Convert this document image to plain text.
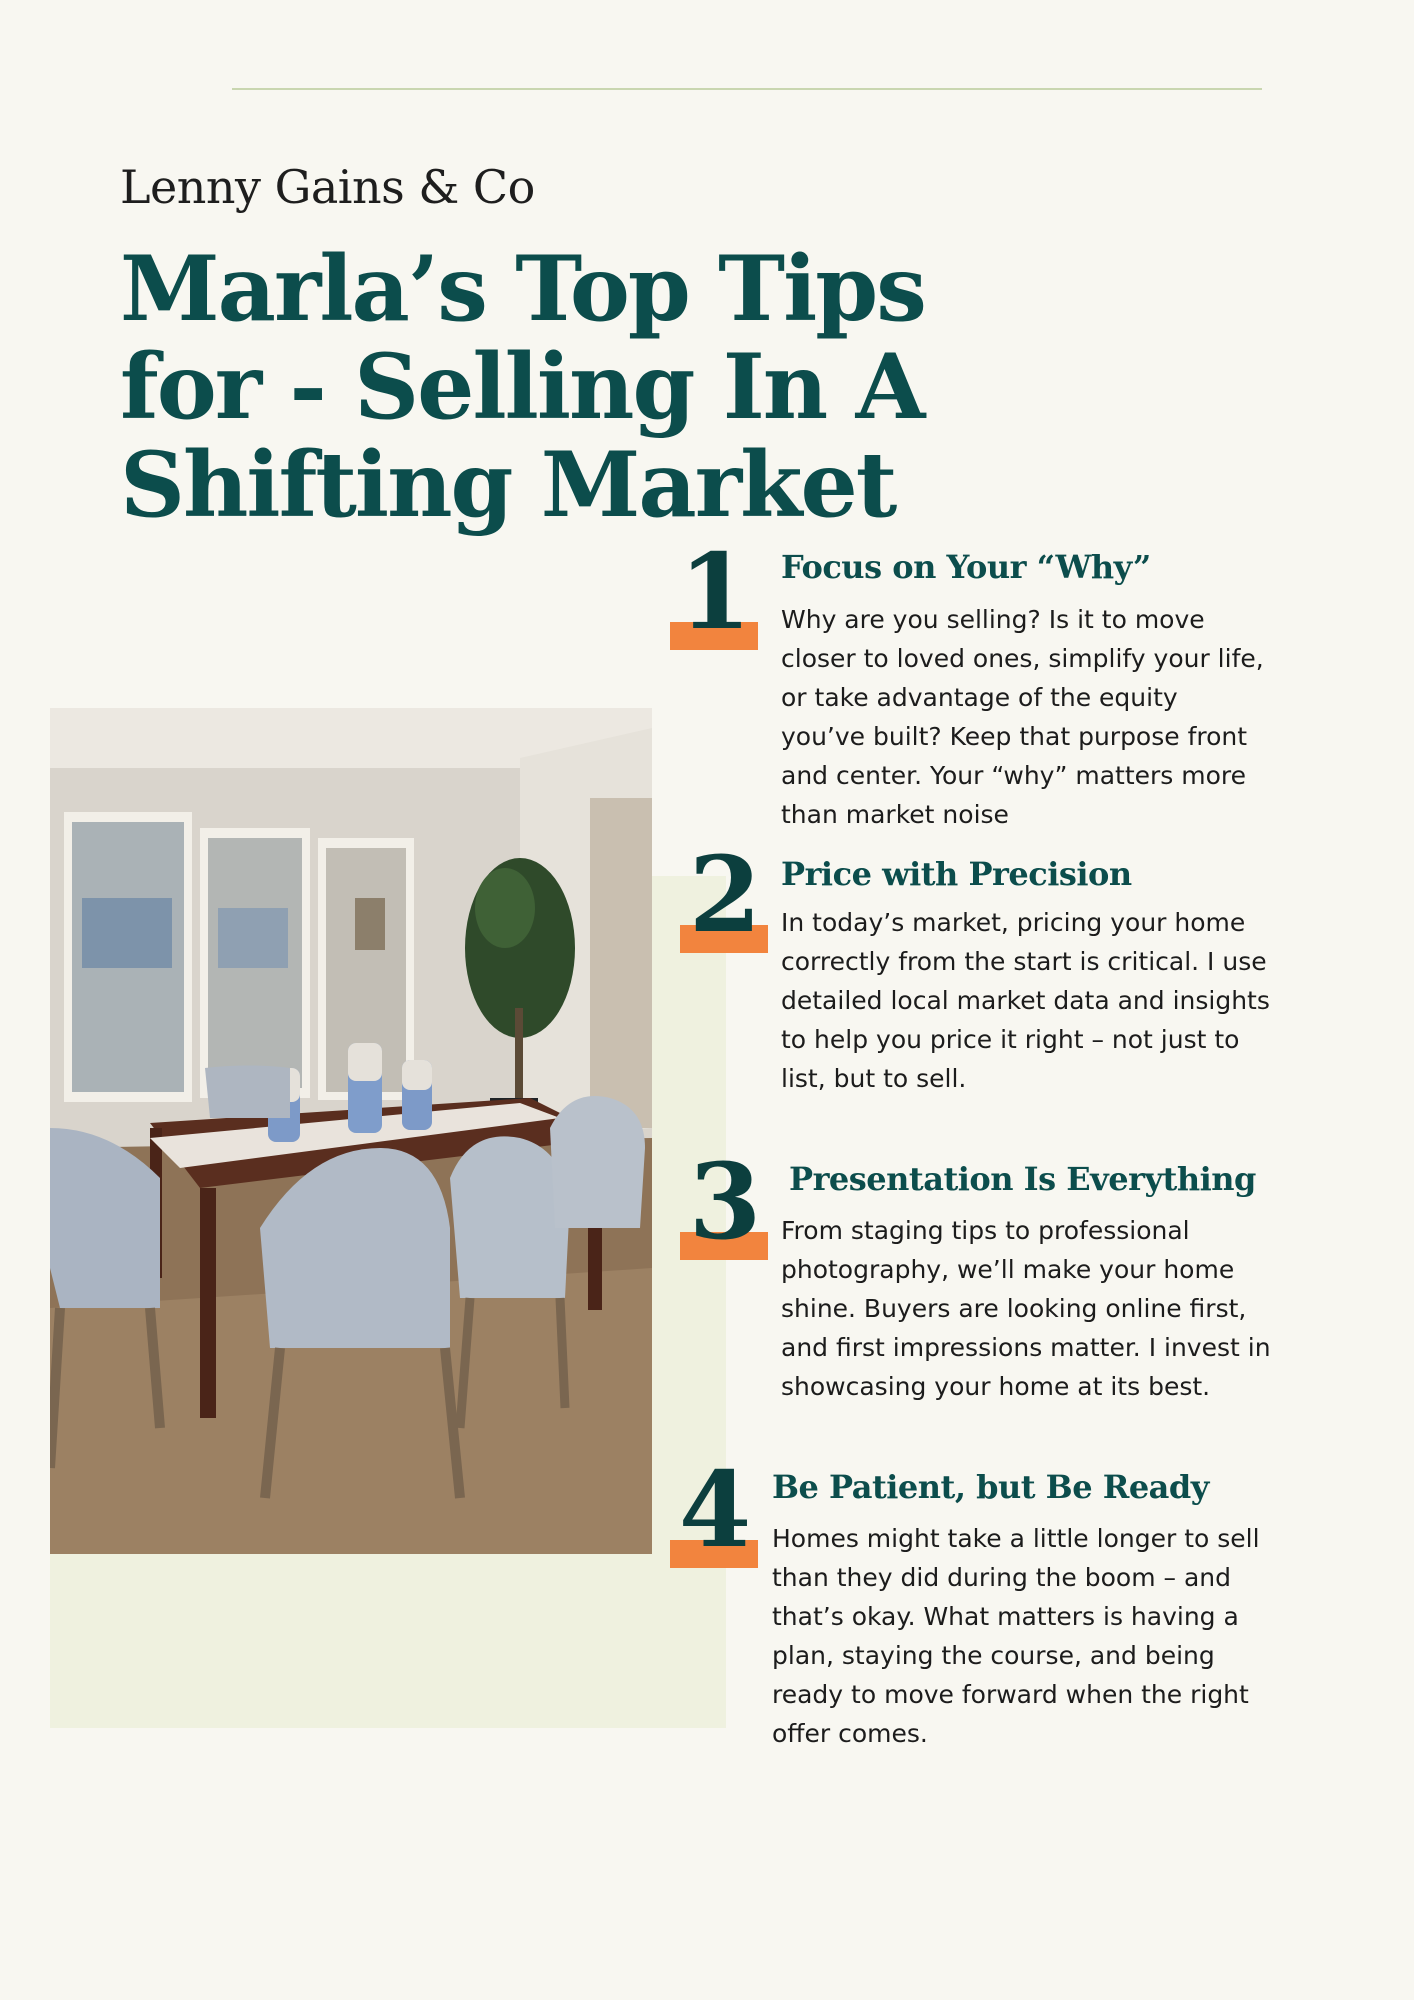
Lenny Gains & Co
Marla’s Top Tips
for - Selling In A
Shifting Market
1 Focus on Your “Why”
Why are you selling? Is it to move
closer to loved ones, simplify your life,
or take advantage of the equity
you’ve built? Keep that purpose front
and center. Your “why” matters more
than market noise
2 Price with Precision
In today’s market, pricing your home
correctly from the start is critical. I use
detailed local market data and insights
to help you price it right – not just to
list, but to sell.
3 Presentation Is Everything
From staging tips to professional
photography, we’ll make your home
shine. Buyers are looking online first,
and first impressions matter. I invest in
showcasing your home at its best.
4 Be Patient, but Be Ready
Homes might take a little longer to sell
than they did during the boom – and
that’s okay. What matters is having a
plan, staying the course, and being
ready to move forward when the right
offer comes.
